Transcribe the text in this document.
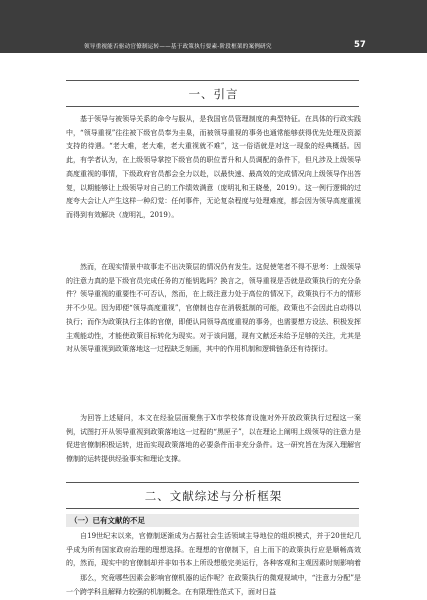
领导重视能否驱动官僚制运转——基于政策执行要素-阶段框架的案例研究	57
一、引言

基于领导与被领导关系的命令与服从，是我国官员管理制度的典型特征。在具体的行政实践中，“领导重视”往往被下级官员奉为圭臬，而被领导重视的事务也通常能够获得优先处理及资源支持的待遇。“老大难，老大难，老大重视就不难”，这一俗语就是对这一现象的经典概括。因此，有学者认为，在上级领导掌控下级官员的职位晋升和人员调配的条件下，但凡涉及上级领导高度重视的事情，下级政府官员都会全力以赴，以最快速、最高效的完成情况向上级领导作出答复，以期能够让上级领导对自己的工作绩效满意（庞明礼和王晓曼，2019）。这一例行逻辑的过度夸大会让人产生这样一种幻觉：任何事件，无论复杂程度与处理难度，都会因为领导高度重视而得到有效解决（庞明礼，2019）。

然而，在现实情景中故事走不出决策层的情况仍有发生。这促使笔者不得不思考：上级领导的注意力真的是下级官员完成任务的万能钥匙吗？换言之，领导重视是否就是政策执行的充分条件？领导重视的重要性不可否认，然而，在上级注意力处于高位的情况下，政策执行不力的情形并不少见。因为即便“领导高度重视”，官僚制也存在消极抵制的可能，政策也不会因此自动得以执行；而作为政策执行主体的官僚，即便认同领导高度重视的事务，也需要想方设法、积极发挥主观能动性，才能使政策目标转化为现实。对于该问题，现有文献还未给予足够的关注，尤其是对从领导重视到政策落地这一过程缺乏刻画，其中的作用机制和逻辑链条还有待探讨。

为回答上述疑问，本文在经验层面聚焦于X市学校体育设施对外开放政策执行过程这一案例，试图打开从领导重视到政策落地这一过程的“黑匣子”，以在理论上阐明上级领导的注意力是促进官僚制积极运转，进而实现政策落地的必要条件而非充分条件。这一研究旨在为深入理解官僚制的运转提供经验事实和理论支撑。

二、文献综述与分析框架
（一）已有文献的不足

自19世纪末以来，官僚制逐渐成为占据社会生活领域主导地位的组织模式，并于20世纪几乎成为所有国家政府治理的理想选择。在理想的官僚制下，自上而下的政策执行应是顺畅高效的，然而，现实中的官僚制却并非如书本上所设想般完美运行，各种客观和主观因素时刻影响着

那么，究竟哪些因素会影响官僚机器的运作呢？在政策执行的微观视域中，“注意力分配”是一个跨学科且解释力较强的机制概念。在有限理性范式下，面对日益
